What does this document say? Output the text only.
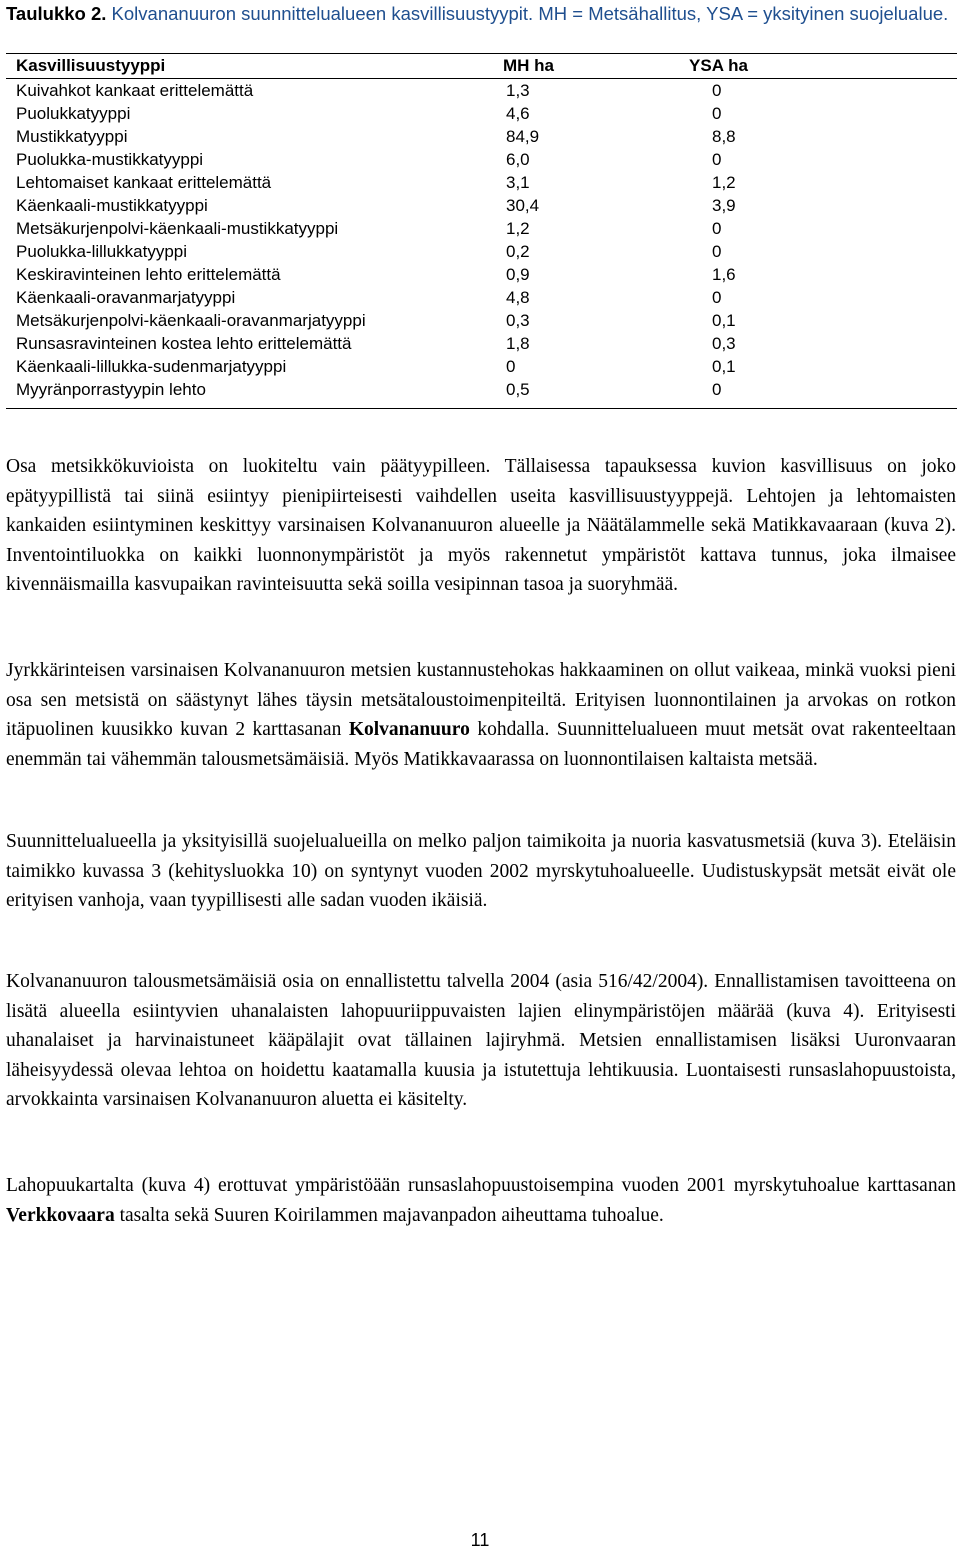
Taulukko 2. Kolvananuuron suunnittelualueen kasvillisuustyypit. MH = Metsähallitus, YSA = yksityinen suojelualue.
Kasvillisuustyyppi	MH ha	YSA ha
Kuivahkot kankaat erittelemättä	1,3	0
Puolukkatyyppi	4,6	0
Mustikkatyyppi	84,9	8,8
Puolukka-mustikkatyyppi	6,0	0
Lehtomaiset kankaat erittelemättä	3,1	1,2
Käenkaali-mustikkatyyppi	30,4	3,9
Metsäkurjenpolvi-käenkaali-mustikkatyyppi	1,2	0
Puolukka-lillukkatyyppi	0,2	0
Keskiravinteinen lehto erittelemättä	0,9	1,6
Käenkaali-oravanmarjatyyppi	4,8	0
Metsäkurjenpolvi-käenkaali-oravanmarjatyyppi	0,3	0,1
Runsasravinteinen kostea lehto erittelemättä	1,8	0,3
Käenkaali-lillukka-sudenmarjatyyppi	0	0,1
Myyränporrastyypin lehto	0,5	0
Osa metsikkökuvioista on luokiteltu vain päätyypilleen. Tällaisessa tapauksessa kuvion kasvillisuus on joko epätyypillistä tai siinä esiintyy pienipiirteisesti vaihdellen useita kasvillisuustyyppejä. Lehtojen ja lehtomaisten kankaiden esiintyminen keskittyy varsinaisen Kolvananuuron alueelle ja Näätälammelle sekä Matikkavaaraan (kuva 2). Inventointiluokka on kaikki luonnonympäristöt ja myös rakennetut ympäristöt kattava tunnus, joka ilmaisee kivennäismailla kasvupaikan ravinteisuutta sekä soilla vesipinnan tasoa ja suoryhmää.
Jyrkkärinteisen varsinaisen Kolvananuuron metsien kustannustehokas hakkaaminen on ollut vaikeaa, minkä vuoksi pieni osa sen metsistä on säästynyt lähes täysin metsätaloustoimenpiteiltä. Erityisen luonnontilainen ja arvokas on rotkon itäpuolinen kuusikko kuvan 2 karttasanan Kolvananuuro kohdalla. Suunnittelualueen muut metsät ovat rakenteeltaan enemmän tai vähemmän talousmetsämäisiä. Myös Matikkavaarassa on luonnontilaisen kaltaista metsää.
Suunnittelualueella ja yksityisillä suojelualueilla on melko paljon taimikoita ja nuoria kasvatusmetsiä (kuva 3). Eteläisin taimikko kuvassa 3 (kehitysluokka 10) on syntynyt vuoden 2002 myrskytuhoalueelle. Uudistuskypsät metsät eivät ole erityisen vanhoja, vaan tyypillisesti alle sadan vuoden ikäisiä.
Kolvananuuron talousmetsämäisiä osia on ennallistettu talvella 2004 (asia 516/42/2004). Ennallistamisen tavoitteena on lisätä alueella esiintyvien uhanalaisten lahopuuriippuvaisten lajien elinympäristöjen määrää (kuva 4). Erityisesti uhanalaiset ja harvinaistuneet kääpälajit ovat tällainen lajiryhmä. Metsien ennallistamisen lisäksi Uuronvaaran läheisyydessä olevaa lehtoa on hoidettu kaatamalla kuusia ja istutettuja lehtikuusia. Luontaisesti runsaslahopuustoista, arvokkainta varsinaisen Kolvananuuron aluetta ei käsitelty.
Lahopuukartalta (kuva 4) erottuvat ympäristöään runsaslahopuustoisempina vuoden 2001 myrskytuhoalue karttasanan Verkkovaara tasalta sekä Suuren Koirilammen majavanpadon aiheuttama tuhoalue.
11
